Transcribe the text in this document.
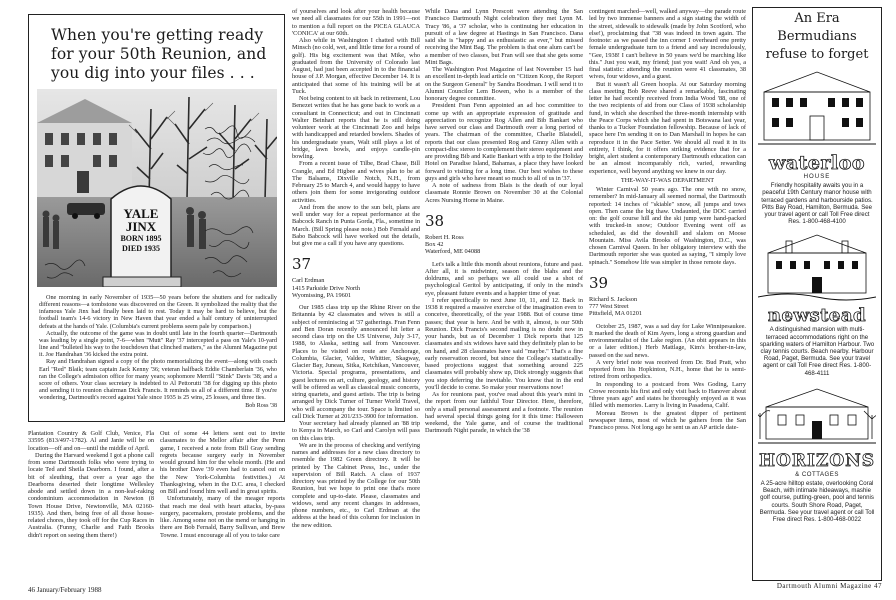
When you're getting ready for your 50th Reunion, and you dig into your files . . .
YALE
JINX
BORN 1895
DIED 1935

One morning in early November of 1935—50 years before the shutters and for radically different reasons—a tombstone was discovered on the Green. It symbolized the reality that the infamous Yale Jinx had finally been laid to rest. Today it may be hard to believe, but the football team's 14-6 victory in New Haven that year ended a half century of uninterrupted defeats at the hands of Yale. (Columbia's current problems seem pale by comparison.)

Actually, the outcome of the game was in doubt until late in the fourth quarter—Dartmouth was leading by a single point, 7-6—when "Mutt" Ray '37 intercepted a pass on Yale's 10-yard line and "bulleted his way to the touchdown that clinched matters," as the Alumni Magazine put it. Joe Handrahan '36 kicked the extra point.

Ray and Handrahan signed a copy of the photo memorializing the event—along with coach Earl "Red" Blaik; team captain Jack Kenny '36; veteran halfback Eddie Chamberlain '36, who ran the College's admission office for many years; sophomore Merrill "Stink" Davis '38; and a score of others. Your class secretary is indebted to Al Pettorutti '38 for digging up this photo and sending it to reunion chairman Dick Francis. It reminds us all of a different time. If you're wondering, Dartmouth's record against Yale since 1935 is 25 wins, 25 losses, and three ties.

Bob Ross '38

Plantation Country & Golf Club, Venice, Fla 33595 (813/497-1782). Al and Janie will be on location—off and on—until the middle of April.

During the Harvard weekend I got a phone call from some Dartmouth folks who were trying to locate Ted and Sheila Dearborn. I found, after a bit of sleuthing, that over a year ago the Dearborns deserted their longtime Wellesley abode and settled down in a non-leaf-raking condominium accommodation in Newton (8 Town House Drive, Newtonville, MA 02160-1935). And then, being free of all those house-related chores, they took off for the Cup Races in Australia. (Funny, Charlie and Faith Brooks didn't report on seeing them there!)

Out of some 44 letters sent out to invite classmates to the Mellor affair after the Penn game, I received a note from Bill Gray sending regrets because surgery early in November would ground him for the whole month. (He and his brother Dave '39 even had to cancel out on the New York-Columbia festivities.) At Thanksgiving, when in the D.C. area, I checked on Bill and found him well and in great spirits.

Unfortunately, many of the meager reports that reach me deal with heart attacks, by-pass surgery, pacemakers, prostate problems, and the like. Among some not on the mend or hanging in there are Bob Fernald, Barry Sullivan, and Brew Towne. I must encourage all of you to take care

of yourselves and look after your health because we need all classmates for our 55th in 1991—not to mention a full report on the PICEA GLAUCA 'CONICA' at our 60th.

Also while in Washington I chatted with Bill Minsch (no cold, wet, and little time for a round of golf). His big excitement was that Mike, who graduated from the University of Colorado last August, had just been accepted in to the financial house of J.P. Morgan, effective December 14. It is anticipated that some of his training will be at Tuck.

Not being content to sit back in retirement, Lou Benezet writes that he has gone back to work as a consultant in Connecticut; and out in Cincinnati Walter Beinhart reports that he is still doing volunteer work at the Cincinnati Zoo and helps with handicapped and retarded bowlers. Shades of his undergraduate years, Walt still plays a lot of bridge, lawn bowls, and enjoys candle-pin bowling.

From a recent issue of Tilbe, Brad Chase, Bill Crangle, and Ed Higbee and wives plan to be at The Balsams, Dixville Notch, N.H., from February 25 to March 4, and would happy to have others join them for some invigorating outdoor activities.

And from the snow to the sun belt, plans are well under way for a repeat performance at the Babcock Ranch in Punta Gorda, Fla., sometime in March. (Bill Spring please note.) Bob Fernald and Babo Babcock will have worked out the details, but give me a call if you have any questions.

37
Carl Erdman
1415 Parkside Drive North
Wyomissing, PA 19601

Our 1985 class trip up the Rhine River on the Britannia by 42 classmates and wives is still a subject of reminiscing at '37 gatherings. Fran Fenn and Ben Doran recently announced hit letter a second class trip on the US Universe, July 3-17, 1988, to Alaska, setting sail from Vancouver. Places to be visited on route are Anchorage, Columbia, Glacier, Valdez, Whittier, Skagway, Glacier Bay, Juneau, Sitka, Ketchikan, Vancouver, Victoria. Special programs, presentations, and guest lectures on art, culture, geology, and history will be offered as well as classical music concerts, string quartets, and guest artists. The trip is being arranged by Dick Turner of Turner World Travel, who will accompany the tour. Space is limited so call Dick Turner at 201/233-3900 for information.

Your secretary had already planned an '88 trip to Kenya in March, so Carl and Carolyn will pass on this class trip.

We are in the process of checking and verifying names and addresses for a new class directory to resemble the 1982 Green directory. It will be printed by The Cabinet Press, Inc., under the supervision of Bill Ratch. A class of 1937 directory was printed by the College for our 50th Reunion, but we hope to print one that's more complete and up-to-date. Please, classmates and widows, send any recent changes in addresses, phone numbers, etc., to Carl Erdman at the address at the head of this column for inclusion in the new edition.

While Dana and Lynn Prescott were attending the San Francisco Dartmouth Night celebration they met Lynn M. Tracy '86, a '37 scholar, who is continuing her education in pursuit of a law degree at Hastings in San Francisco. Dana said she is "happy and as enthusiastic as ever," but missed receiving the Mint Bag. The problem is that one alum can't be a member of two classes, but Fran will see that she gets some Mint Bags.

The Washington Post Magazine of last November 15 had an excellent in-depth lead article on "Citizen Koop, the Report on the Surgeon General" by Sandra Boodman. I will send it to Alumni Councilor Lem Bowen, who is a member of the honorary degree committee.

President Fran Fenn appointed an ad hoc committee to come up with an appropriate expression of gratitude and appreciation to recognize Rog Allen and Bib Bankart who have served our class and Dartmouth over a long period of years. The chairman of the committee, Charlie Blaisdell, reports that our class presented Rog and Ginny Allen with a compact-disc stereo to complement their stereo equipment and are providing Bib and Katie Bankart with a trip to the Holiday Hotel on Paradise Island, Bahamas, a place they have looked forward to visiting for a long time. Our best wishes to these guys and girls who have meant so much to all of us in '37.

A note of sadness from Blais is the death of our loyal classmate Ronnie Brown on November 30 at the Colonial Acres Nursing Home in Maine.

38
Robert H. Ross
Box 42
Waterford, ME 04088

Let's talk a little this month about reunions, future and past. After all, it is midwinter, season of the blahs and the doldrums, and so perhaps we all could use a shot of psychological Geritol by anticipating, if only in the mind's eye, pleasant future events and a happier time of year.

I refer specifically to next June 10, 11, and 12. Back in 1938 it required a massive exercise of the imagination even to conceive, theoretically, of the year 1988. But of course time passes; that year is here. And be with it, almost, is our 50th Reunion. Dick Francis's second mailing is no doubt now in your hands, but as of December 1 Dick reports that 125 classmates and six widows have said they definitely plan to be on hand, and 28 classmates have said "maybe." That's a fine early reservation record, but since the College's statistically-based projections suggest that something around 225 classmates will probably show up, Dick strongly suggests that you stop deferring the inevitable. You know that in the end you'll decide to come. So make your reservations now!

As for reunions past, you've read about this year's mini in the report from our faithful Tour Director. Here, therefore, only a small personal assessment and a footnote. The reunion had several special things going for it this time: Halloween weekend, the Yale game, and of course the traditional Dartmouth Night parade, in which the '38

contingent marched—well, walked anyway—the parade route led by two immense banners and a sign stating the width of the street, sidewalk to sidewalk (made by John Scotford, who else!), proclaiming that "38 was indeed in town again. The footnote: as we passed the inn corner I overheard one pretty female undergraduate turn to a friend and say incredulously, "Gee, 1938! I can't believe in 50 years we'd be marching like this." Just you wait, my friend; just you wait! And oh yes, a final statistic: attending the reunion were 41 classmates, 38 wives, four widows, and a guest.

But it wasn't all Green hoopla. At our Saturday morning class meeting Bob Reeve shared a remarkable, fascinating letter he had recently received from India Wood '88, one of the two recipients of aid from our Class of 1938 scholarship fund, in which she described the three-month internship with the Peace Corps which she had spent in Botswana last year, thanks to a Tucker Foundation fellowship. Because of lack of space here I'm sending it on to Dan Marshall in hopes he can reproduce it in the Pace Setter. We should all read it in its entirety, I think, for it offers striking evidence that for a bright, alert student a contemporary Dartmouth education can be an almost incomparably rich, varied, rewarding experience, well beyond anything we knew in our day.

THE-WAY-IT-WAS DEPARTMENT

Winter Carnival 50 years ago. The one with no snow, remember? In mid-January all seemed normal, the Dartmouth reported: 14 inches of "skiable" snow, all jumps and tows open. Then came the big thaw. Undaunted, the DOC carried on: the golf course hill and the ski jump were hand-packed with trucked-in snow; Outdoor Evening went off as scheduled, as did the downhill and slalom on Moose Mountain. Miss Avila Brooks of Washington, D.C., was chosen Carnival Queen. In her obligatory interview with the Dartmouth reporter she was quoted as saying, "I simply love spinach." Somehow life was simpler in those remote days.

39
Richard S. Jackson
777 West Street
Pittsfield, MA 01201

October 25, 1987, was a sad day for Lake Winnipesaukee. It marked the death of Kim Ayers, long a strong guardian and environmentalist of the Lake region. (An obit appears in this or a later edition.) Herb Mattlage, Kim's brother-in-law, passed on the sad news.

A very brief note was received from Dr. Bud Pratt, who reported from his Hopkinton, N.H., home that he is semi-retired from orthopedics.

In responding to a postcard from Wes Goding, Larry Crowe recounts his first and only visit back to Hanover about "three years ago" and states he thoroughly enjoyed as it was filled with memories. Larry is living in Pasadena, Calif.

Moreau Brown is the greatest dipper of pertinent newspaper items, most of which he gathers from the San Francisco press. Not long ago he sent us an AP article date-

An Era
Bermudians
refuse to forget
waterloo
HOUSE
Friendly hospitality awaits you in a peaceful 19th Century manor house with terraced gardens and harbourside patios. Pitts Bay Road, Hamilton, Bermuda. See your travel agent or call Toll Free direct Res. 1-800-468-4100
newstead
A distinguished mansion with multi-terraced accommodations right on the sparkling waters of Hamilton Harbour. Two clay tennis courts. Beach nearby. Harbour Road, Paget, Bermuda. See your travel agent or call Toll Free direct Res. 1-800-468-4111
HORIZONS
& COTTAGES
A 25-acre hilltop estate, overlooking Coral Beach, with intimate hideaways, mashie golf course, putting-green, pool and tennis courts. South Shore Road, Paget, Bermuda. See your travel agent or call Toll Free direct Res. 1-800-468-0022
46 January/February 1988	Dartmouth Alumni Magazine 47
